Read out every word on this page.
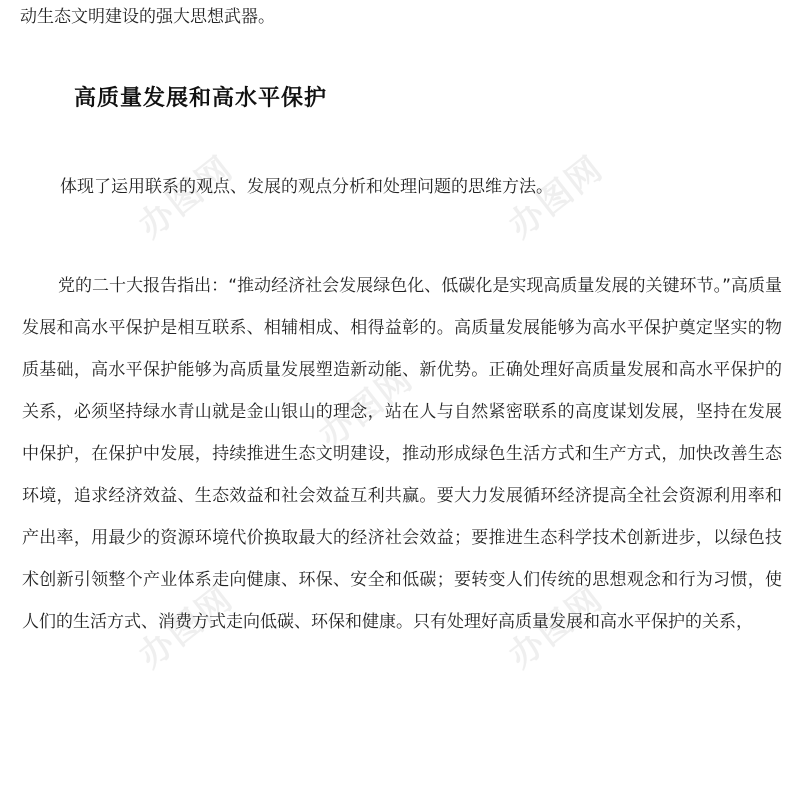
办图网	办图网
办图网
办图网	办图网
动生态文明建设的强大思想武器。
高质量发展和高水平保护
体现了运用联系的观点、发展的观点分析和处理问题的思维方法。

党的二十大报告指出：“推动经济社会发展绿色化、低碳化是实现高质量发展的关键环节。”高质量发展和高水平保护是相互联系、相辅相成、相得益彰的。高质量发展能够为高水平保护奠定坚实的物质基础，高水平保护能够为高质量发展塑造新动能、新优势。正确处理好高质量发展和高水平保护的关系，必须坚持绿水青山就是金山银山的理念，站在人与自然紧密联系的高度谋划发展，坚持在发展中保护，在保护中发展，持续推进生态文明建设，推动形成绿色生活方式和生产方式，加快改善生态环境，追求经济效益、生态效益和社会效益互利共赢。要大力发展循环经济提高全社会资源利用率和产出率，用最少的资源环境代价换取最大的经济社会效益；要推进生态科学技术创新进步，以绿色技术创新引领整个产业体系走向健康、环保、安全和低碳；要转变人们传统的思想观念和行为习惯，使人们的生活方式、消费方式走向低碳、环保和健康。只有处理好高质量发展和高水平保护的关系，
